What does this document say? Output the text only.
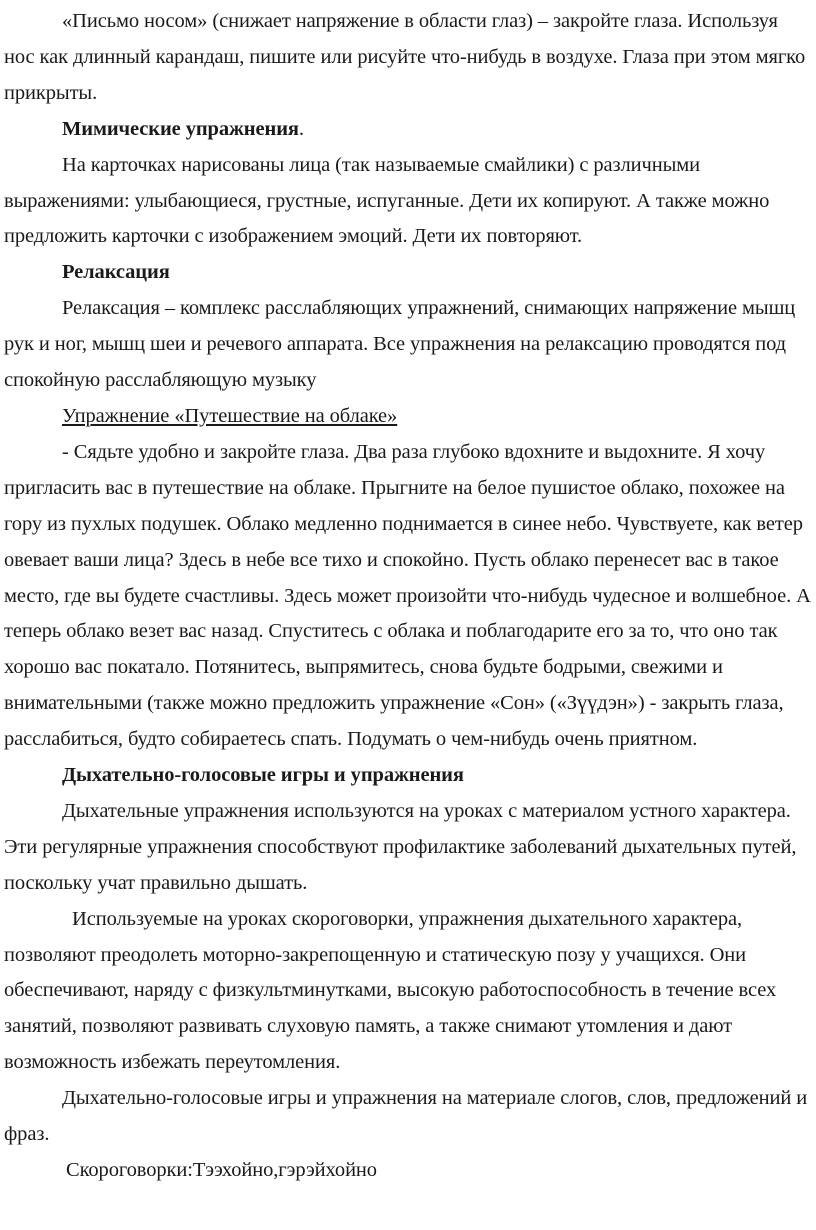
«Письмо носом» (снижает напряжение в области глаз) – закройте глаза. Используя нос как длинный карандаш, пишите или рисуйте что-нибудь в воздухе. Глаза при этом мягко прикрыты.

Мимические упражнения.

На карточках нарисованы лица (так называемые смайлики) с различными выражениями: улыбающиеся, грустные, испуганные. Дети их копируют. А также можно предложить карточки с изображением эмоций. Дети их повторяют.

Релаксация

Релаксация – комплекс расслабляющих упражнений, снимающих напряжение мышц рук и ног, мышц шеи и речевого аппарата. Все упражнения на релаксацию проводятся под спокойную расслабляющую музыку

Упражнение «Путешествие на облаке»

- Сядьте удобно и закройте глаза. Два раза глубоко вдохните и выдохните. Я хочу пригласить вас в путешествие на облаке. Прыгните на белое пушистое облако, похожее на гору из пухлых подушек. Облако медленно поднимается в синее небо. Чувствуете, как ветер овевает ваши лица? Здесь в небе все тихо и спокойно. Пусть облако перенесет вас в такое место, где вы будете счастливы. Здесь может произойти что-нибудь чудесное и волшебное. А теперь облако везет вас назад. Спуститесь с облака и поблагодарите его за то, что оно так хорошо вас покатало. Потянитесь, выпрямитесь, снова будьте бодрыми, свежими и внимательными (также можно предложить упражнение «Сон» («Зүүдэн») - закрыть глаза, расслабиться, будто собираетесь спать. Подумать о чем-нибудь очень приятном.

Дыхательно-голосовые игры и упражнения

Дыхательные упражнения используются на уроках с материалом устного характера. Эти регулярные упражнения способствуют профилактике заболеваний дыхательных путей, поскольку учат правильно дышать.

Используемые на уроках скороговорки, упражнения дыхательного характера, позволяют преодолеть моторно-закрепощенную и статическую позу у учащихся. Они обеспечивают, наряду с физкультминутками, высокую работоспособность в течение всех занятий, позволяют развивать слуховую память, а также снимают утомления и дают возможность избежать переутомления.

Дыхательно-голосовые игры и упражнения на материале слогов, слов, предложений и фраз.

Скороговорки:Тээхойно,гэрэйхойно
